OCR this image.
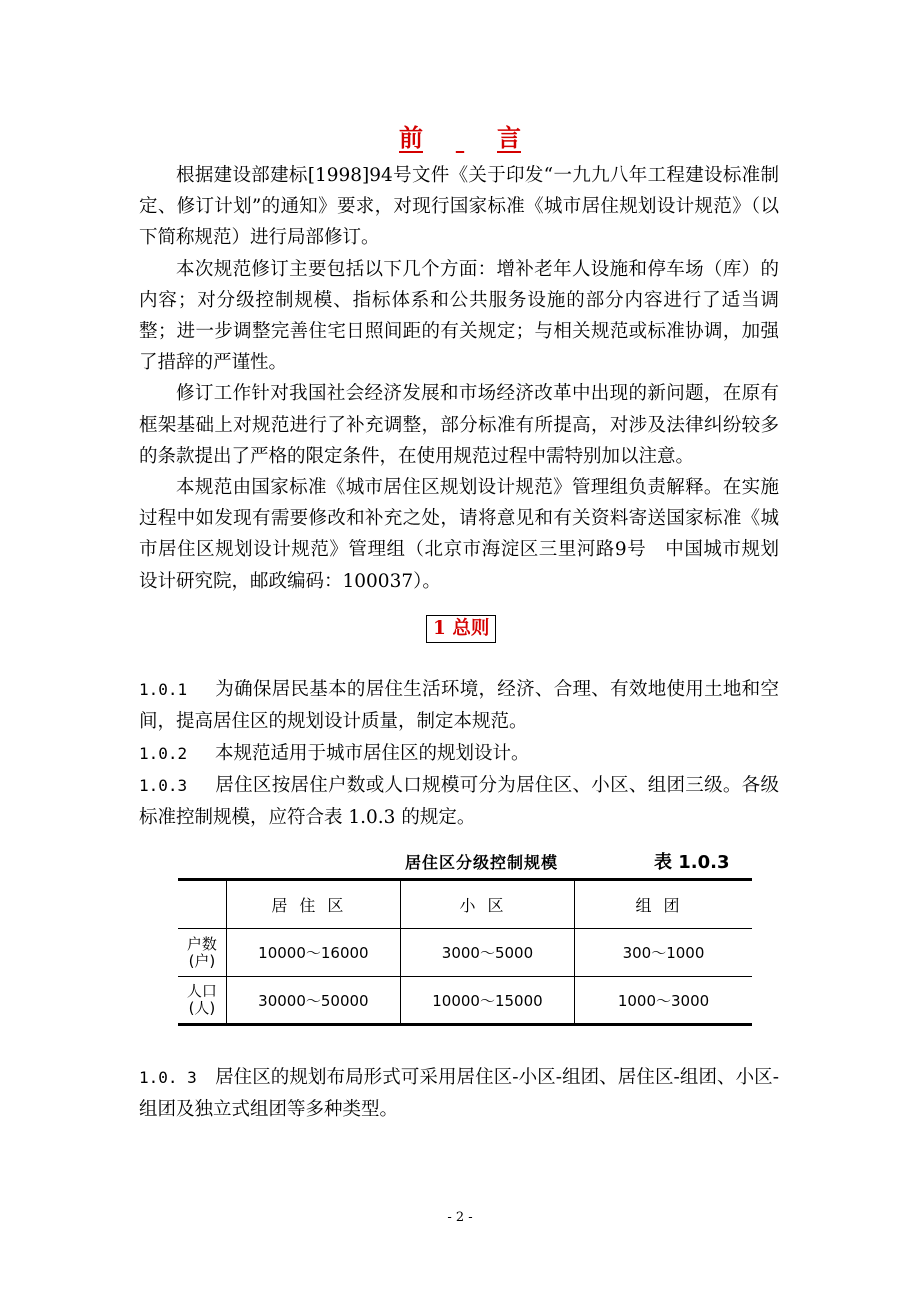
前	言

根据建设部建标[1998]94号文件《关于印发“一九九八年工程建设标准制定、修订计划”的通知》要求，对现行国家标准《城市居住规划设计规范》（以下简称规范）进行局部修订。

本次规范修订主要包括以下几个方面：增补老年人设施和停车场（库）的内容；对分级控制规模、指标体系和公共服务设施的部分内容进行了适当调整；进一步调整完善住宅日照间距的有关规定；与相关规范或标准协调，加强了措辞的严谨性。

修订工作针对我国社会经济发展和市场经济改革中出现的新问题，在原有框架基础上对规范进行了补充调整，部分标准有所提高，对涉及法律纠纷较多的条款提出了严格的限定条件，在使用规范过程中需特别加以注意。

本规范由国家标准《城市居住区规划设计规范》管理组负责解释。在实施过程中如发现有需要修改和补充之处，请将意见和有关资料寄送国家标准《城市居住区规划设计规范》管理组（北京市海淀区三里河路9号　中国城市规划设计研究院，邮政编码：100037）。

1 总则

1.0.1 为确保居民基本的居住生活环境，经济、合理、有效地使用土地和空间，提高居住区的规划设计质量，制定本规范。

1.0.2 本规范适用于城市居住区的规划设计。

1.0.3 居住区按居住户数或人口规模可分为居住区、小区、组团三级。各级标准控制规模，应符合表 1.0.3 的规定。

居住区分级控制规模	表 1.0.3
	居住区	小区	组团
户数
(户)	10000～16000	3000～5000	300～1000
人口
(人)	30000～50000	10000～15000	1000～3000

1.0. 3 居住区的规划布局形式可采用居住区-小区-组团、居住区-组团、小区-组团及独立式组团等多种类型。

- 2 -
